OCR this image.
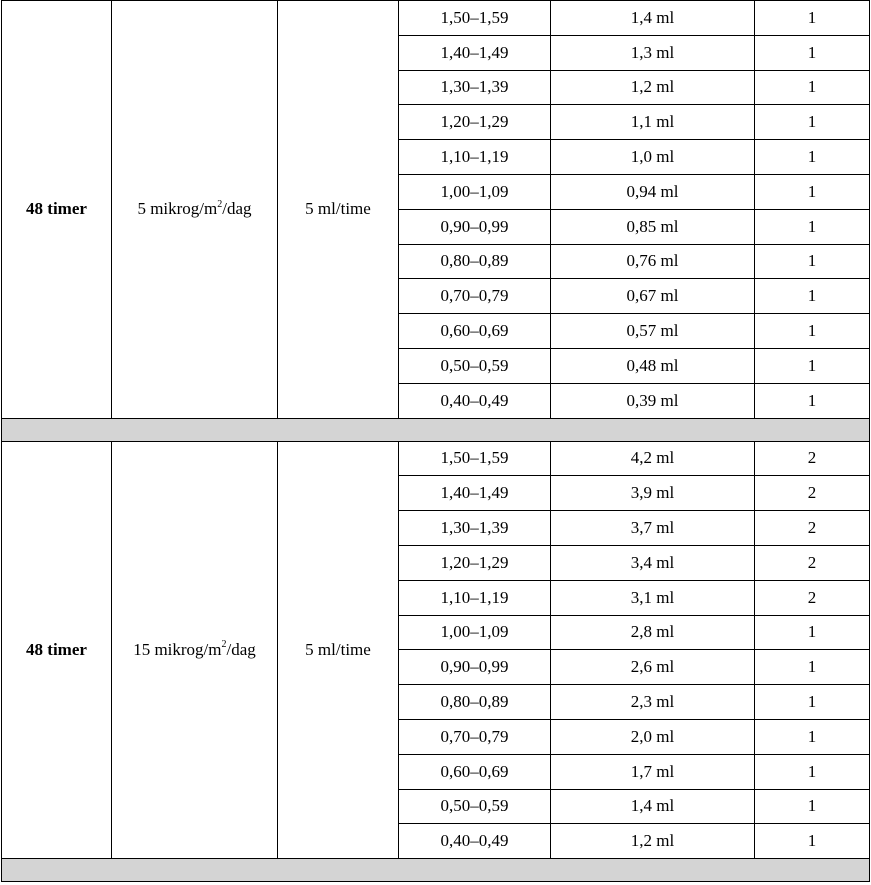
48 timer	5 mikrog/$m^2$/dag	5 ml/time	1,50–1,59	1,4 ml	1
			1,40–1,49	1,3 ml	1
			1,30–1,39	1,2 ml	1
			1,20–1,29	1,1 ml	1
			1,10–1,19	1,0 ml	1
			1,00–1,09	0,94 ml	1
			0,90–0,99	0,85 ml	1
			0,80–0,89	0,76 ml	1
			0,70–0,79	0,67 ml	1
			0,60–0,69	0,57 ml	1
			0,50–0,59	0,48 ml	1
			0,40–0,49	0,39 ml	1

48 timer	15 mikrog/$m^2$/dag	5 ml/time	1,50–1,59	4,2 ml	2
			1,40–1,49	3,9 ml	2
			1,30–1,39	3,7 ml	2
			1,20–1,29	3,4 ml	2
			1,10–1,19	3,1 ml	2
			1,00–1,09	2,8 ml	1
			0,90–0,99	2,6 ml	1
			0,80–0,89	2,3 ml	1
			0,70–0,79	2,0 ml	1
			0,60–0,69	1,7 ml	1
			0,50–0,59	1,4 ml	1
			0,40–0,49	1,2 ml	1
